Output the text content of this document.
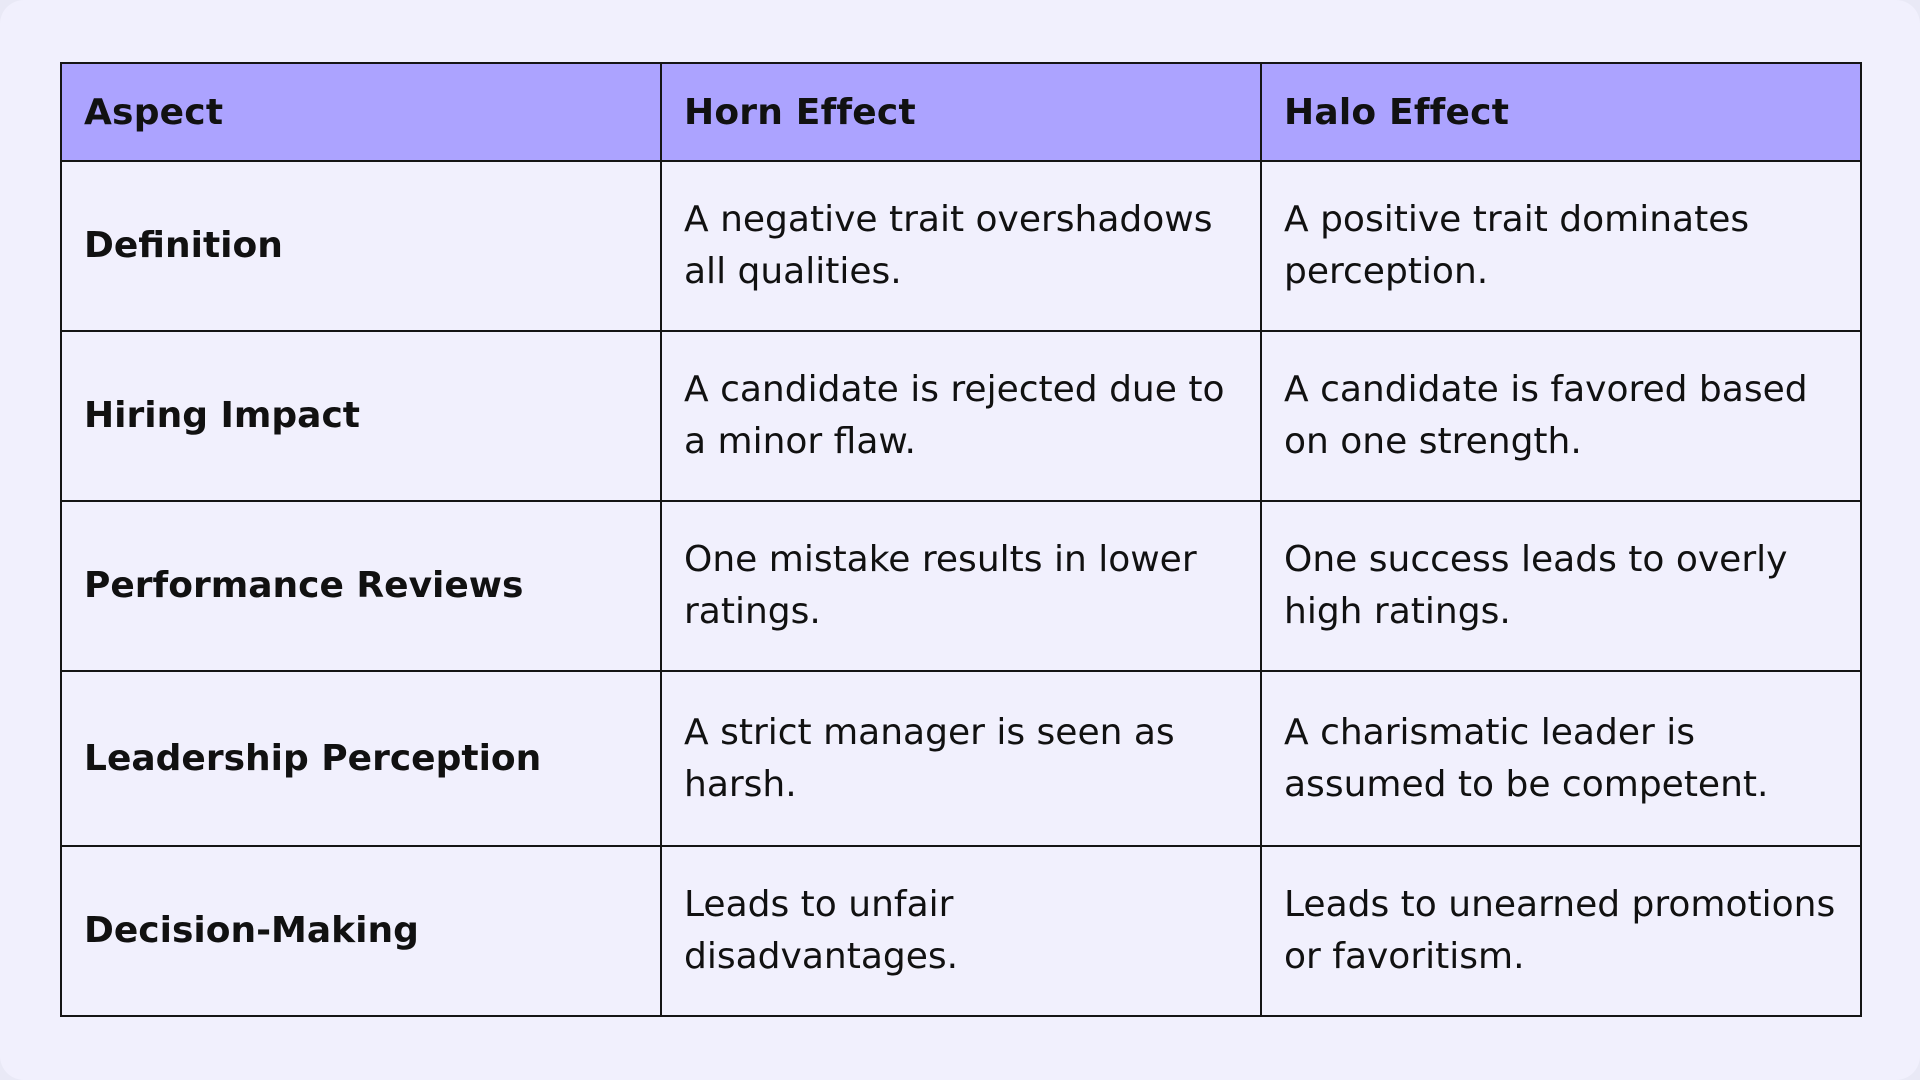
Aspect	Horn Effect	Halo Effect
Definition	A negative trait overshadows all qualities.	A positive trait dominates perception.
Hiring Impact	A candidate is rejected due to a minor flaw.	A candidate is favored based on one strength.
Performance Reviews	One mistake results in lower ratings.	One success leads to overly high ratings.
Leadership Perception	A strict manager is seen as harsh.	A charismatic leader is assumed to be competent.
Decision-Making	Leads to unfair disadvantages.	Leads to unearned promotions or favoritism.
